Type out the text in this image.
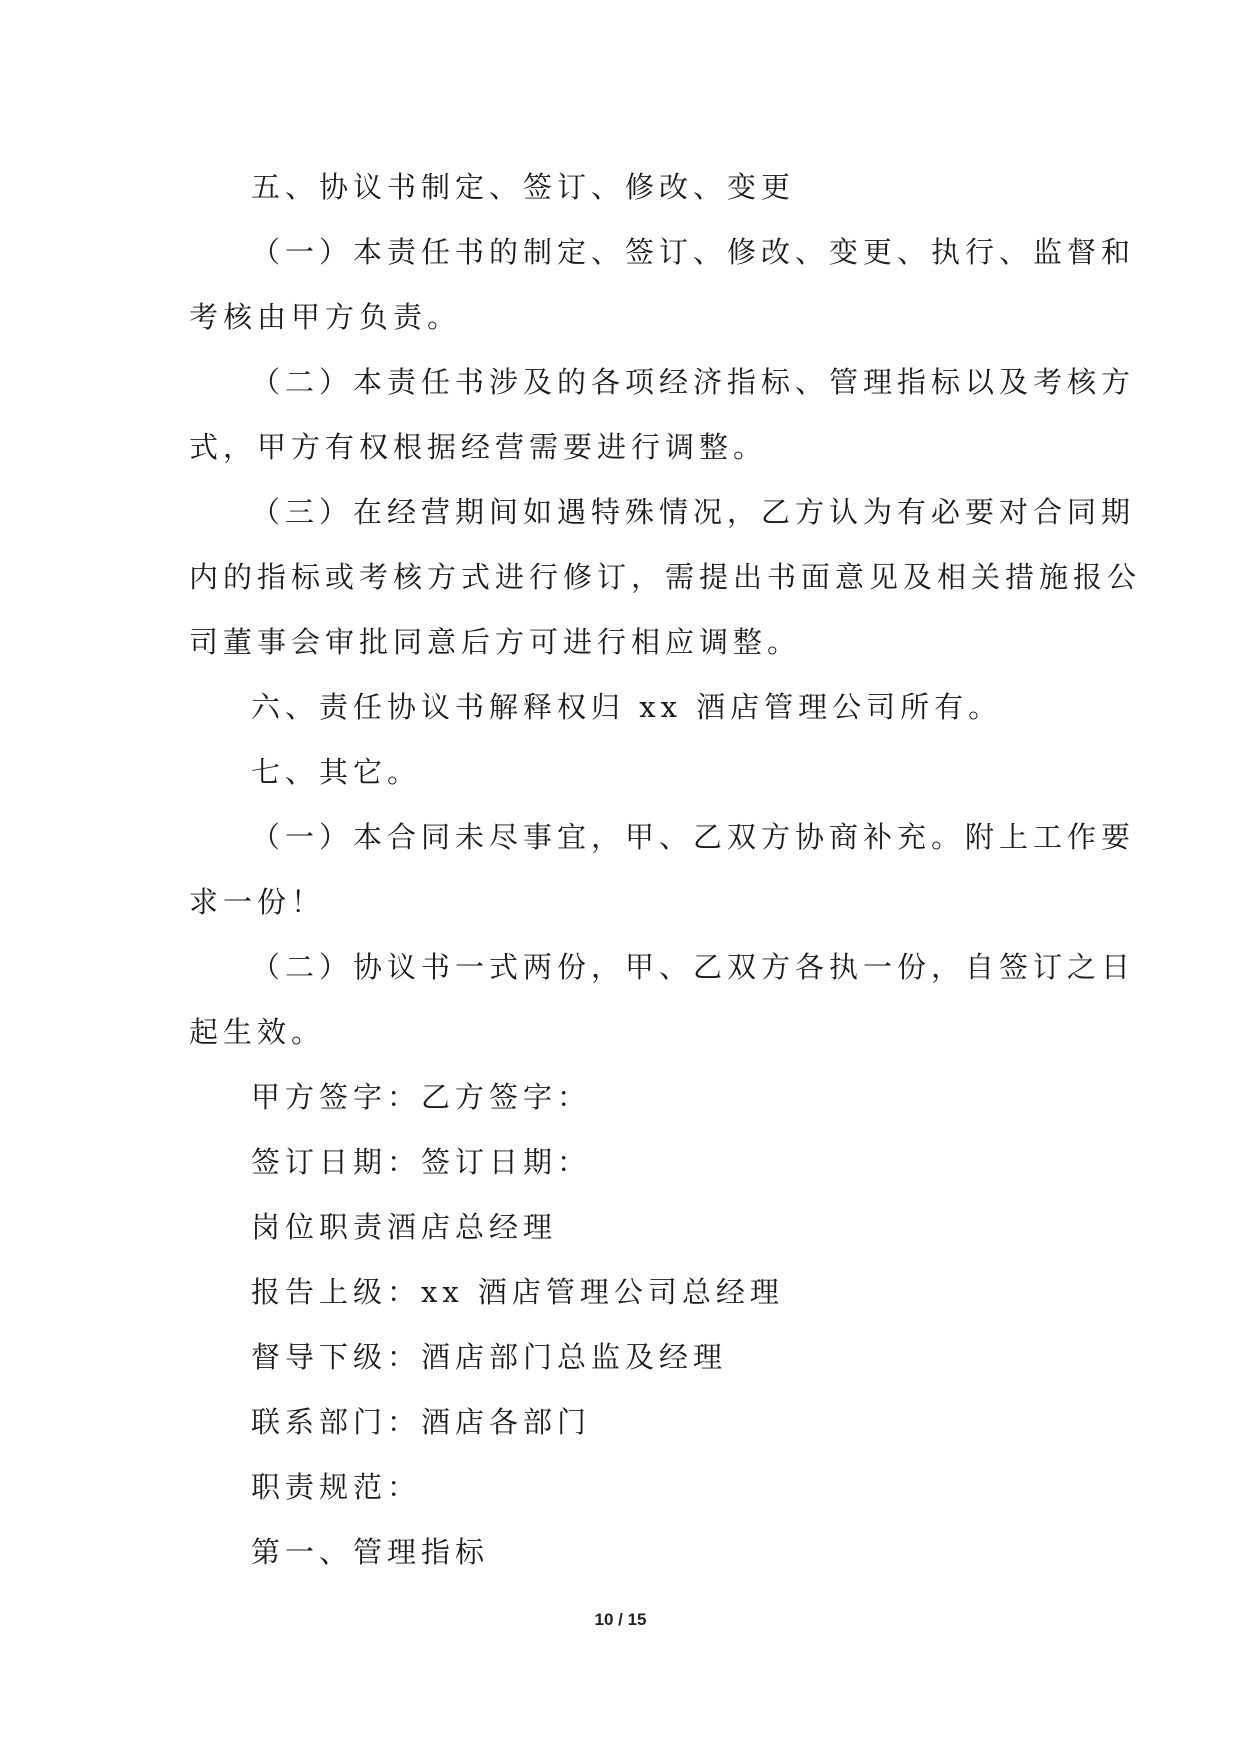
五、协议书制定、签订、修改、变更
（一）本责任书的制定、签订、修改、变更、执行、监督和
考核由甲方负责。
（二）本责任书涉及的各项经济指标、管理指标以及考核方
式，甲方有权根据经营需要进行调整。
（三）在经营期间如遇特殊情况，乙方认为有必要对合同期
内的指标或考核方式进行修订，需提出书面意见及相关措施报公
司董事会审批同意后方可进行相应调整。
六、责任协议书解释权归 xx 酒店管理公司所有。
七、其它。
（一）本合同未尽事宜，甲、乙双方协商补充。附上工作要
求一份！
（二）协议书一式两份，甲、乙双方各执一份，自签订之日
起生效。
甲方签字：乙方签字：
签订日期：签订日期：
岗位职责酒店总经理
报告上级：xx 酒店管理公司总经理
督导下级：酒店部门总监及经理
联系部门：酒店各部门
职责规范：
第一、管理指标
10 / 15
